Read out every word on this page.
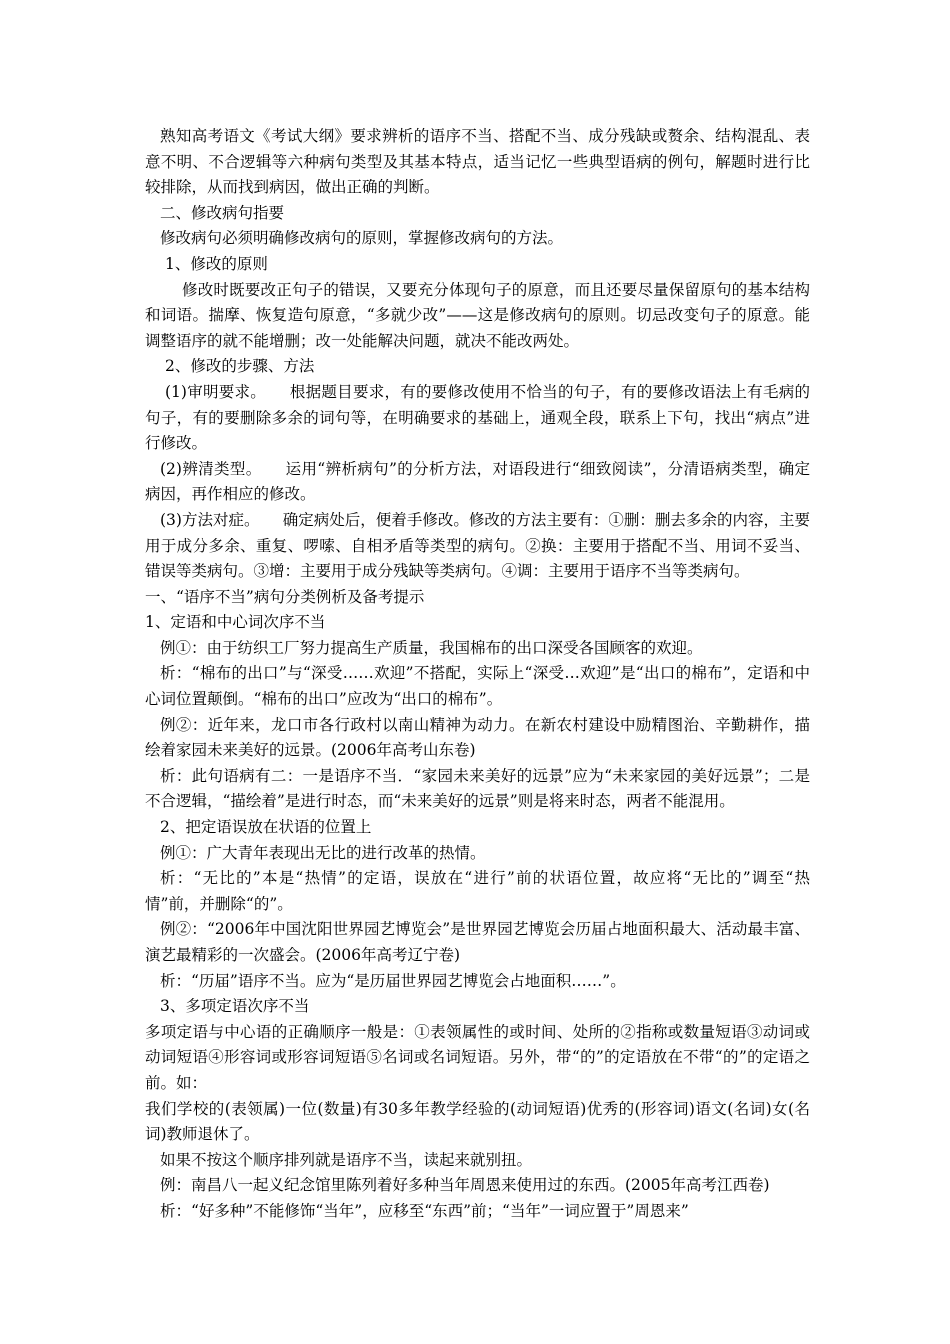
熟知高考语文《考试大纲》要求辨析的语序不当、搭配不当、成分残缺或赘余、结构混乱、表意不明、不合逻辑等六种病句类型及其基本特点，适当记忆一些典型语病的例句，解题时进行比较排除，从而找到病因，做出正确的判断。

二、修改病句指要

修改病句必须明确修改病句的原则，掌握修改病句的方法。

1、修改的原则

修改时既要改正句子的错误，又要充分体现句子的原意，而且还要尽量保留原句的基本结构和词语。揣摩、恢复造句原意，“多就少改”——这是修改病句的原则。切忌改变句子的原意。能调整语序的就不能增删；改一处能解决问题，就决不能改两处。

2、修改的步骤、方法

(1)审明要求。　　根据题目要求，有的要修改使用不恰当的句子，有的要修改语法上有毛病的句子，有的要删除多余的词句等，在明确要求的基础上，通观全段，联系上下句，找出“病点”进行修改。

(2)辨清类型。　　运用“辨析病句”的分析方法，对语段进行“细致阅读”，分清语病类型，确定病因，再作相应的修改。

(3)方法对症。　　确定病处后，便着手修改。修改的方法主要有：①删：删去多余的内容，主要用于成分多余、重复、啰嗦、自相矛盾等类型的病句。②换：主要用于搭配不当、用词不妥当、错误等类病句。③增：主要用于成分残缺等类病句。④调：主要用于语序不当等类病句。

一、“语序不当”病句分类例析及备考提示

1、定语和中心词次序不当

例①：由于纺织工厂努力提高生产质量，我国棉布的出口深受各国顾客的欢迎。

析：“棉布的出口”与“深受……欢迎”不搭配，实际上“深受…欢迎”是“出口的棉布”，定语和中心词位置颠倒。“棉布的出口”应改为“出口的棉布”。

例②：近年来，龙口市各行政村以南山精神为动力。在新农村建设中励精图治、辛勤耕作，描绘着家园未来美好的远景。(2006年高考山东卷)

析：此句语病有二：一是语序不当．“家园未来美好的远景”应为“未来家园的美好远景”；二是不合逻辑，“描绘着”是进行时态，而“未来美好的远景”则是将来时态，两者不能混用。

2、把定语误放在状语的位置上

例①：广大青年表现出无比的进行改革的热情。

析：“无比的”本是“热情”的定语，误放在“进行”前的状语位置，故应将“无比的”调至“热情”前，并删除“的”。

例②：“2006年中国沈阳世界园艺博览会”是世界园艺博览会历届占地面积最大、活动最丰富、演艺最精彩的一次盛会。(2006年高考辽宁卷)

析：“历届”语序不当。应为“是历届世界园艺博览会占地面积……”。

3、多项定语次序不当

多项定语与中心语的正确顺序一般是：①表领属性的或时间、处所的②指称或数量短语③动词或动词短语④形容词或形容词短语⑤名词或名词短语。另外，带“的”的定语放在不带“的”的定语之前。如：

我们学校的(表领属)一位(数量)有30多年教学经验的(动词短语)优秀的(形容词)语文(名词)女(名词)教师退休了。

如果不按这个顺序排列就是语序不当，读起来就别扭。

例：南昌八一起义纪念馆里陈列着好多种当年周恩来使用过的东西。(2005年高考江西卷)

析：“好多种”不能修饰“当年”，应移至“东西”前；“当年”一词应置于”周恩来”
